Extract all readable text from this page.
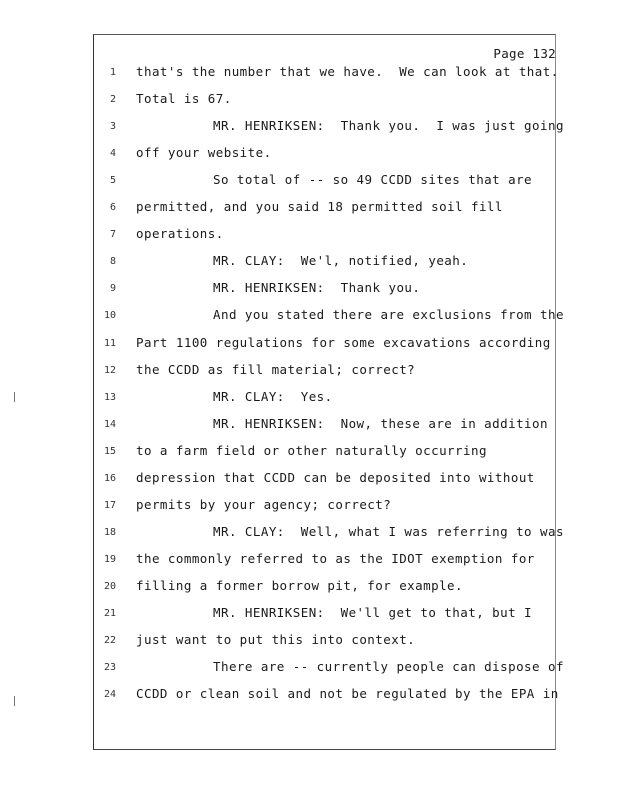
Page 132
1 that's the number that we have.  We can look at that.
2 Total is 67.
3	MR. HENRIKSEN:  Thank you.  I was just going
4 off your website.
5	So total of -- so 49 CCDD sites that are
6 permitted, and you said 18 permitted soil fill
7 operations.
8	MR. CLAY:  We'l, notified, yeah.
9	MR. HENRIKSEN:  Thank you.
10	And you stated there are exclusions from the
11 Part 1100 regulations for some excavations according
12 the CCDD as fill material; correct?
13	MR. CLAY:  Yes.
14	MR. HENRIKSEN:  Now, these are in addition
15 to a farm field or other naturally occurring
16 depression that CCDD can be deposited into without
17 permits by your agency; correct?
18	MR. CLAY:  Well, what I was referring to was
19 the commonly referred to as the IDOT exemption for
20 filling a former borrow pit, for example.
21	MR. HENRIKSEN:  We'll get to that, but I
22 just want to put this into context.
23	There are -- currently people can dispose of
24 CCDD or clean soil and not be regulated by the EPA in
